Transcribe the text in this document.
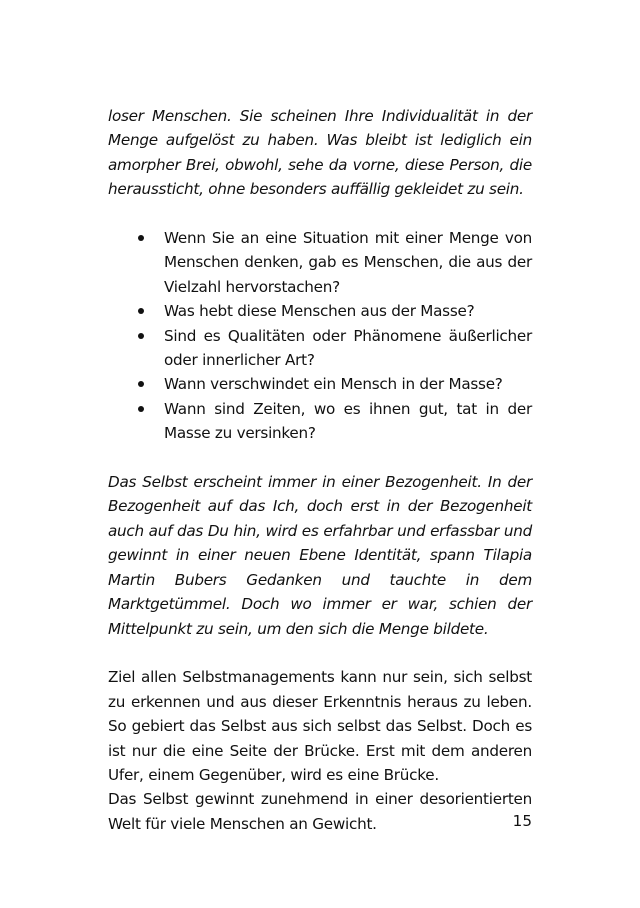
loser Menschen. Sie scheinen Ihre Individualität in der Menge aufgelöst zu haben. Was bleibt ist lediglich ein amorpher Brei, obwohl, sehe da vorne, diese Person, die heraussticht, ohne besonders auffällig gekleidet zu sein.

Wenn Sie an eine Situation mit einer Menge von Menschen denken, gab es Menschen, die aus der Vielzahl hervorstachen?
Was hebt diese Menschen aus der Masse?
Sind es Qualitäten oder Phänomene äußerlicher oder innerlicher Art?
Wann verschwindet ein Mensch in der Masse?
Wann sind Zeiten, wo es ihnen gut, tat in der Masse zu versinken?

Das Selbst erscheint immer in einer Bezogenheit. In der Bezogenheit auf das Ich, doch erst in der Bezogenheit auch auf das Du hin, wird es erfahrbar und erfassbar und gewinnt in einer neuen Ebene Identität, spann Tilapia Martin Bubers Gedanken und tauchte in dem Marktgetümmel. Doch wo immer er war, schien der Mittelpunkt zu sein, um den sich die Menge bildete.

Ziel allen Selbstmanagements kann nur sein, sich selbst zu erkennen und aus dieser Erkenntnis heraus zu leben. So gebiert das Selbst aus sich selbst das Selbst. Doch es ist nur die eine Seite der Brücke. Erst mit dem anderen Ufer, einem Gegenüber, wird es eine Brücke.

Das Selbst gewinnt zunehmend in einer desorientierten Welt für viele Menschen an Gewicht.	15
